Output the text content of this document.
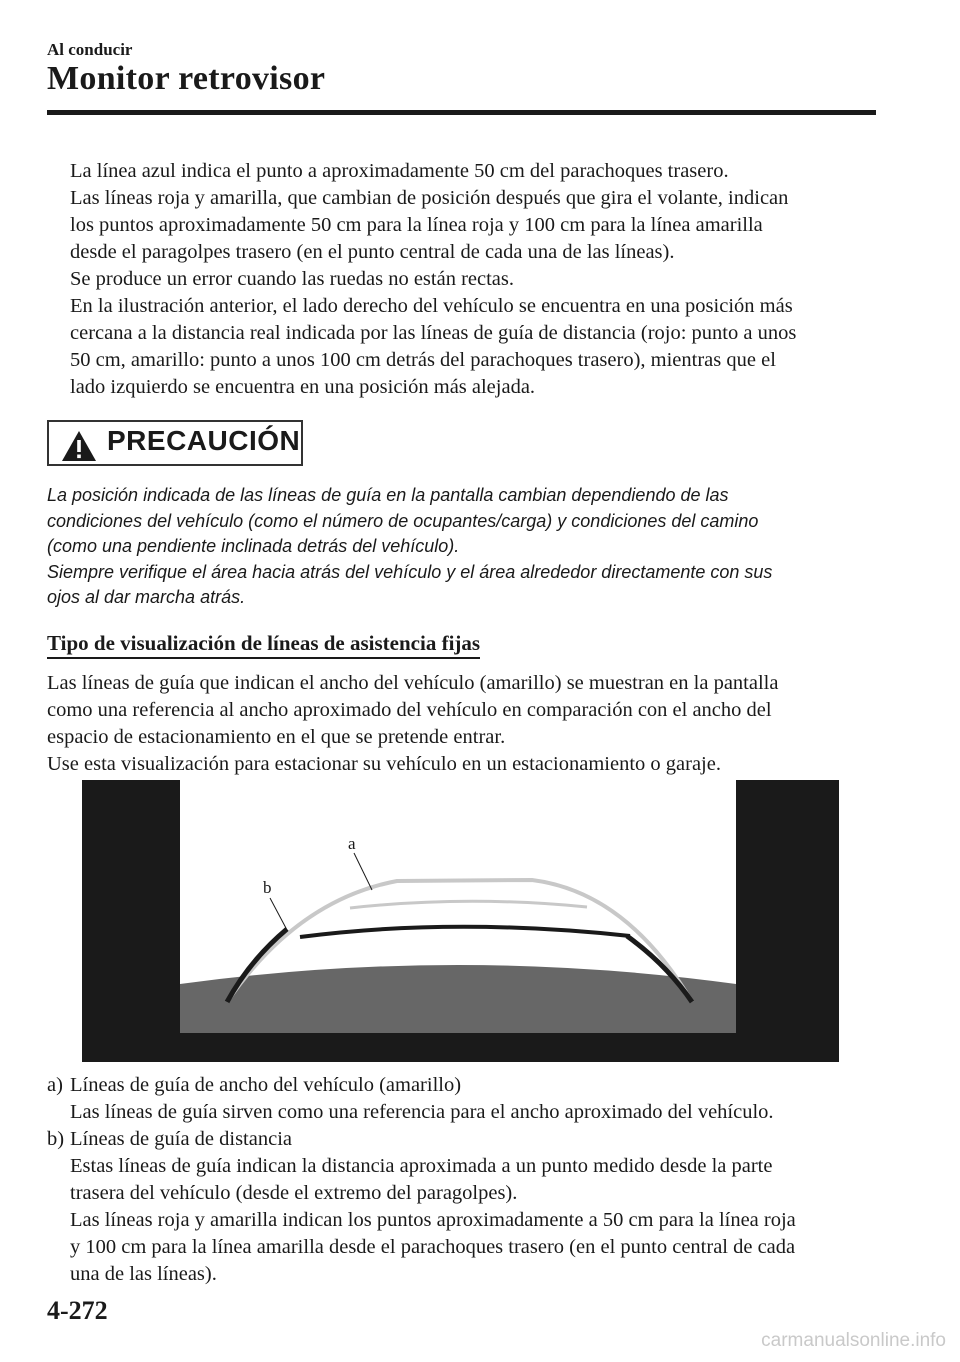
Al conducir
Monitor retrovisor
La línea azul indica el punto a aproximadamente 50 cm del parachoques trasero.
Las líneas roja y amarilla, que cambian de posición después que gira el volante, indican
los puntos aproximadamente 50 cm para la línea roja y 100 cm para la línea amarilla
desde el paragolpes trasero (en el punto central de cada una de las líneas).
Se produce un error cuando las ruedas no están rectas.
En la ilustración anterior, el lado derecho del vehículo se encuentra en una posición más
cercana a la distancia real indicada por las líneas de guía de distancia (rojo: punto a unos
50 cm, amarillo: punto a unos 100 cm detrás del parachoques trasero), mientras que el
lado izquierdo se encuentra en una posición más alejada.
PRECAUCIÓN
La posición indicada de las líneas de guía en la pantalla cambian dependiendo de las
condiciones del vehículo (como el número de ocupantes/carga) y condiciones del camino
(como una pendiente inclinada detrás del vehículo).
Siempre verifique el área hacia atrás del vehículo y el área alrededor directamente con sus
ojos al dar marcha atrás.
Tipo de visualización de líneas de asistencia fijas
Las líneas de guía que indican el ancho del vehículo (amarillo) se muestran en la pantalla
como una referencia al ancho aproximado del vehículo en comparación con el ancho del
espacio de estacionamiento en el que se pretende entrar.
Use esta visualización para estacionar su vehículo en un estacionamiento o garaje.
a
b
a) Líneas de guía de ancho del vehículo (amarillo)
Las líneas de guía sirven como una referencia para el ancho aproximado del vehículo.
b) Líneas de guía de distancia
Estas líneas de guía indican la distancia aproximada a un punto medido desde la parte
trasera del vehículo (desde el extremo del paragolpes).
Las líneas roja y amarilla indican los puntos aproximadamente a 50 cm para la línea roja
y 100 cm para la línea amarilla desde el parachoques trasero (en el punto central de cada
una de las líneas).
4-272
carmanualsonline.info
